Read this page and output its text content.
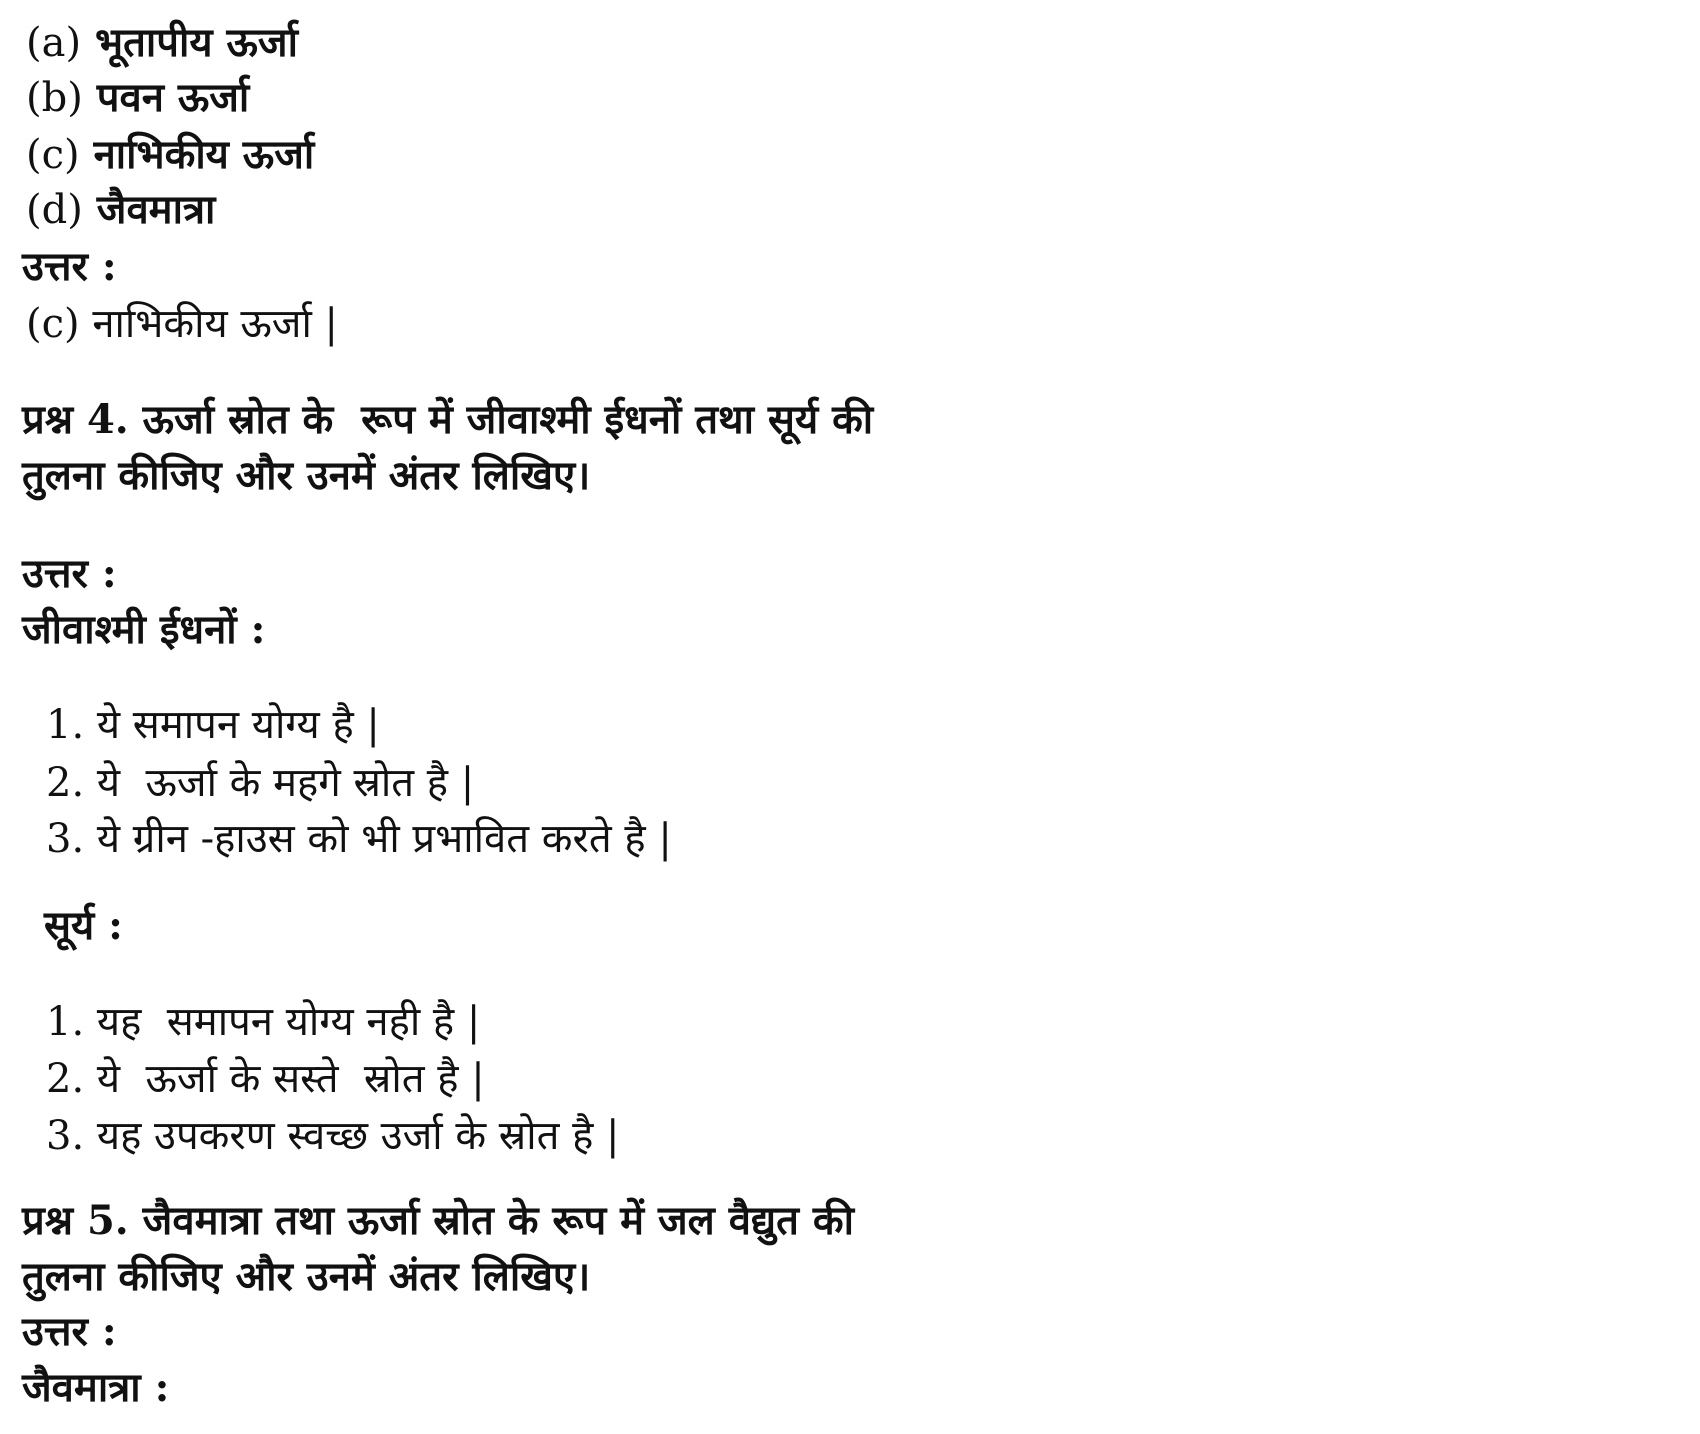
(a) भूतापीय ऊर्जा
(b) पवन ऊर्जा
(c) नाभिकीय ऊर्जा
(d) जैवमात्रा
उत्तर :
(c) नाभिकीय ऊर्जा |
प्रश्न 4. ऊर्जा स्रोत के  रूप में जीवाश्मी ईधनों तथा सूर्य की
तुलना कीजिए और उनमें अंतर लिखिए।
उत्तर :
जीवाश्मी ईधनों :
1. ये समापन योग्य है |
2. ये  ऊर्जा के महगे स्रोत है |
3. ये ग्रीन -हाउस को भी प्रभावित करते है |
सूर्य :
1. यह  समापन योग्य नही है |
2. ये  ऊर्जा के सस्ते  स्रोत है |
3. यह उपकरण स्वच्छ उर्जा के स्रोत है |
प्रश्न 5. जैवमात्रा तथा ऊर्जा स्रोत के रूप में जल वैद्युत की
तुलना कीजिए और उनमें अंतर लिखिए।
उत्तर :
जैवमात्रा :
